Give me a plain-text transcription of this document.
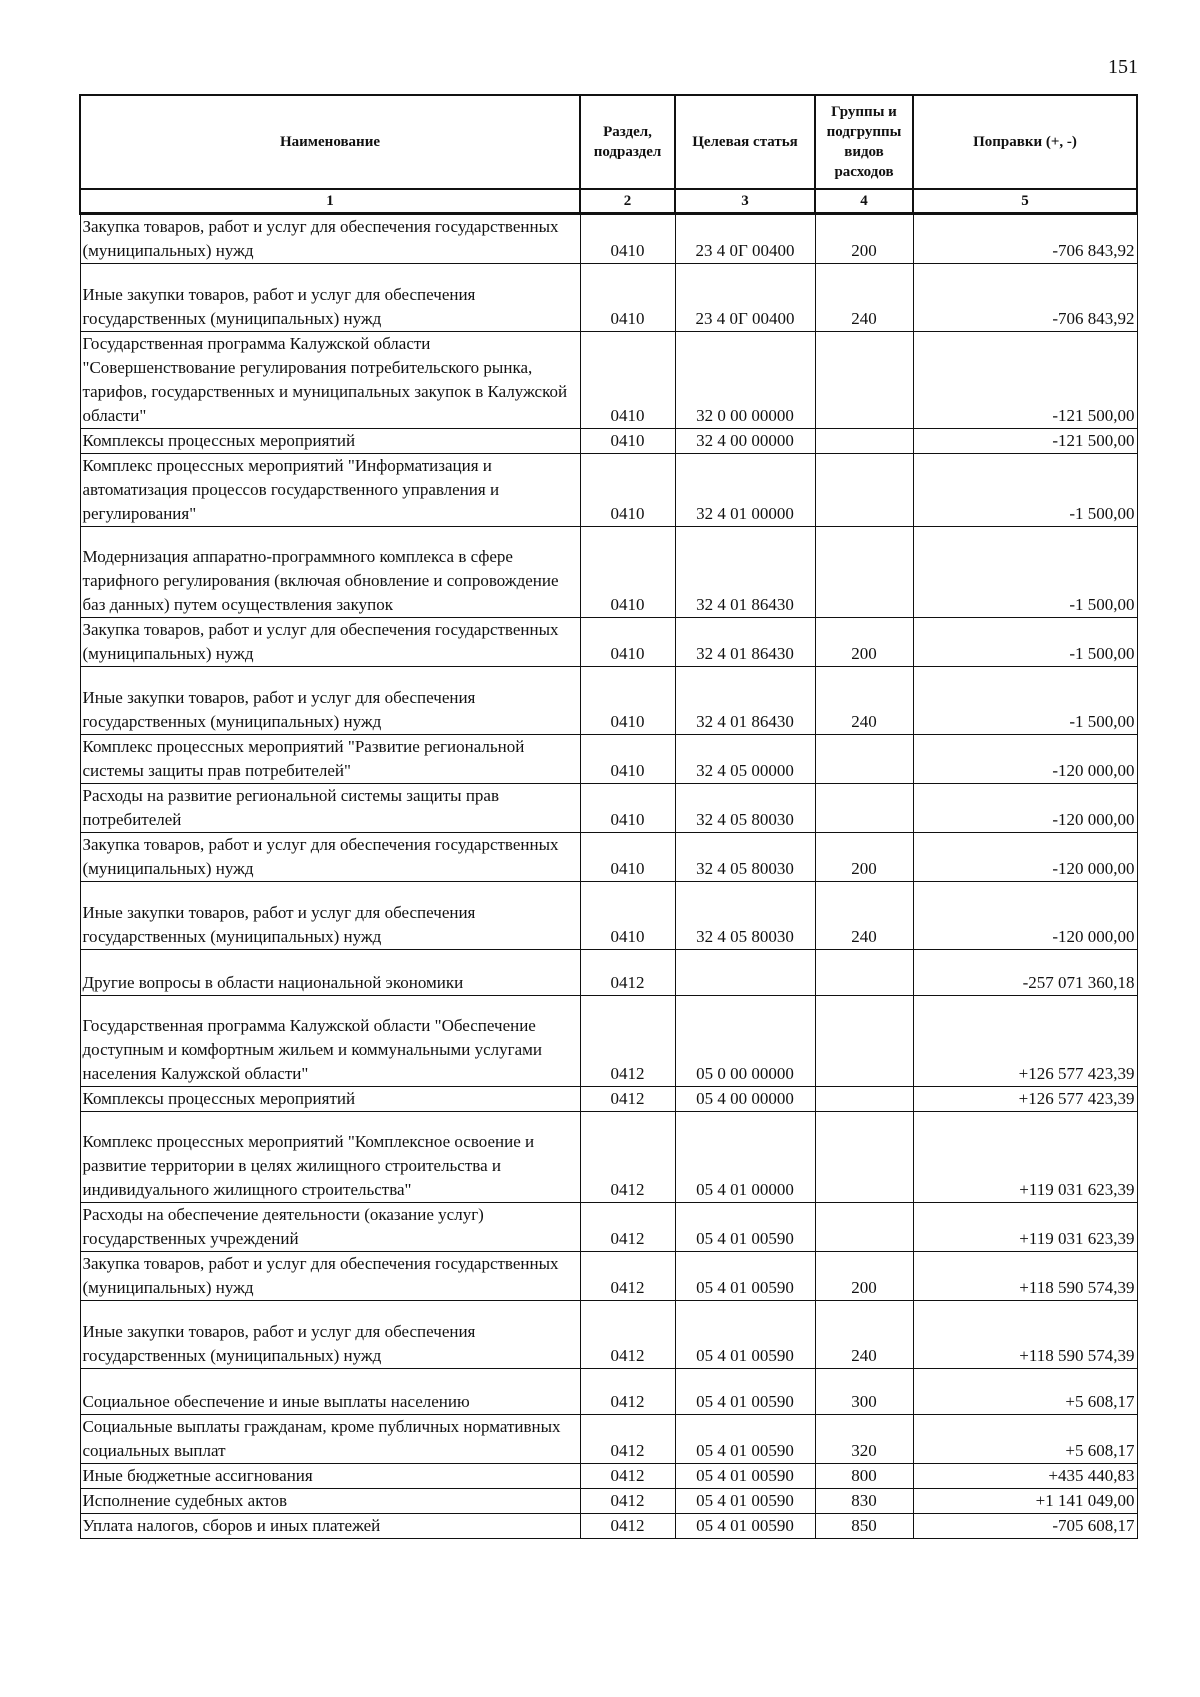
151
Наименование	Раздел, подраздел	Целевая статья	Группы и подгруппы видов расходов	Поправки (+, -)
1	2	3	4	5
Закупка товаров, работ и услуг для обеспечения государственных (муниципальных) нужд	0410	23 4 0Г 00400	200	-706 843,92
Иные закупки товаров, работ и услуг для обеспечения государственных (муниципальных) нужд	0410	23 4 0Г 00400	240	-706 843,92
Государственная программа Калужской области "Совершенствование регулирования потребительского рынка, тарифов, государственных и муниципальных закупок в Калужской области"	0410	32 0 00 00000		-121 500,00
Комплексы процессных мероприятий	0410	32 4 00 00000		-121 500,00
Комплекс процессных мероприятий "Информатизация и автоматизация процессов государственного управления и регулирования"	0410	32 4 01 00000		-1 500,00
Модернизация аппаратно-программного комплекса в сфере тарифного регулирования (включая обновление и сопровождение баз данных) путем осуществления закупок	0410	32 4 01 86430		-1 500,00
Закупка товаров, работ и услуг для обеспечения государственных (муниципальных) нужд	0410	32 4 01 86430	200	-1 500,00
Иные закупки товаров, работ и услуг для обеспечения государственных (муниципальных) нужд	0410	32 4 01 86430	240	-1 500,00
Комплекс процессных мероприятий "Развитие региональной системы защиты прав потребителей"	0410	32 4 05 00000		-120 000,00
Расходы на развитие региональной системы защиты прав потребителей	0410	32 4 05 80030		-120 000,00
Закупка товаров, работ и услуг для обеспечения государственных (муниципальных) нужд	0410	32 4 05 80030	200	-120 000,00
Иные закупки товаров, работ и услуг для обеспечения государственных (муниципальных) нужд	0410	32 4 05 80030	240	-120 000,00
Другие вопросы в области национальной экономики	0412			-257 071 360,18
Государственная программа Калужской области "Обеспечение доступным и комфортным жильем и коммунальными услугами населения Калужской области"	0412	05 0 00 00000		+126 577 423,39
Комплексы процессных мероприятий	0412	05 4 00 00000		+126 577 423,39
Комплекс процессных мероприятий "Комплексное освоение и развитие территории в целях жилищного строительства и индивидуального жилищного строительства"	0412	05 4 01 00000		+119 031 623,39
Расходы на обеспечение деятельности (оказание услуг) государственных учреждений	0412	05 4 01 00590		+119 031 623,39
Закупка товаров, работ и услуг для обеспечения государственных (муниципальных) нужд	0412	05 4 01 00590	200	+118 590 574,39
Иные закупки товаров, работ и услуг для обеспечения государственных (муниципальных) нужд	0412	05 4 01 00590	240	+118 590 574,39
Социальное обеспечение и иные выплаты населению	0412	05 4 01 00590	300	+5 608,17
Социальные выплаты гражданам, кроме публичных нормативных социальных выплат	0412	05 4 01 00590	320	+5 608,17
Иные бюджетные ассигнования	0412	05 4 01 00590	800	+435 440,83
Исполнение судебных актов	0412	05 4 01 00590	830	+1 141 049,00
Уплата налогов, сборов и иных платежей	0412	05 4 01 00590	850	-705 608,17
